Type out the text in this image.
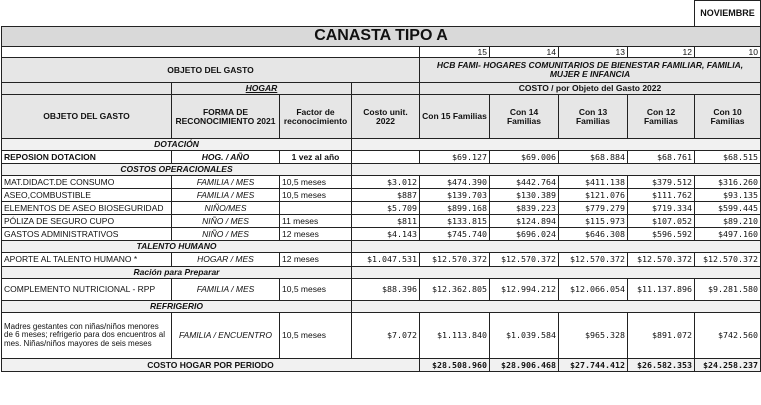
								NOVIEMBRE
CANASTA TIPO A								
				15	14	13	12	10
OBJETO DEL GASTO				HCB FAMI- HOGARES COMUNITARIOS DE BIENESTAR FAMILIAR, FAMILIA, MUJER E INFANCIA				
	HOGAR			COSTO / por Objeto del Gasto 2022				
OBJETO DEL GASTO	FORMA DE RECONOCIMIENTO 2021	Factor de reconocimiento	Costo unit. 2022	Con 15 Familias	Con 14 Familias	Con 13 Familias	Con 12 Familias	Con 10 Familias
DOTACIÓN								
REPOSION DOTACION	HOG. / AÑO	1 vez al año		$69.127	$69.006	$68.884	$68.761	$68.515
COSTOS OPERACIONALES								
MAT.DIDACT.DE CONSUMO	FAMILIA / MES	10,5 meses	$3.012	$474.390	$442.764	$411.138	$379.512	$316.260
ASEO,COMBUSTIBLE	FAMILIA / MES	10,5 meses	$887	$139.703	$130.389	$121.076	$111.762	$93.135
ELEMENTOS DE ASEO BIOSEGURIDAD	NIÑO/MES		$5.709	$899.168	$839.223	$779.279	$719.334	$599.445
PÓLIZA DE SEGURO CUPO	NIÑO / MES	11 meses	$811	$133.815	$124.894	$115.973	$107.052	$89.210
GASTOS ADMINISTRATIVOS	NIÑO / MES	12 meses	$4.143	$745.740	$696.024	$646.308	$596.592	$497.160
TALENTO HUMANO								
APORTE AL TALENTO HUMANO *	HOGAR / MES	12 meses	$1.047.531	$12.570.372	$12.570.372	$12.570.372	$12.570.372	$12.570.372
Ración para Preparar								
COMPLEMENTO NUTRICIONAL - RPP	FAMILIA / MES	10,5 meses	$88.396	$12.362.805	$12.994.212	$12.066.054	$11.137.896	$9.281.580
REFRIGERIO								
Madres gestantes con niñas/niños menores de 6 meses; refrigerio para dos encuentros al mes. Niñas/niños mayores de seis meses	FAMILIA / ENCUENTRO	10,5 meses	$7.072	$1.113.840	$1.039.584	$965.328	$891.072	$742.560
COSTO HOGAR POR PERIODO				$28.508.960	$28.906.468	$27.744.412	$26.582.353	$24.258.237
